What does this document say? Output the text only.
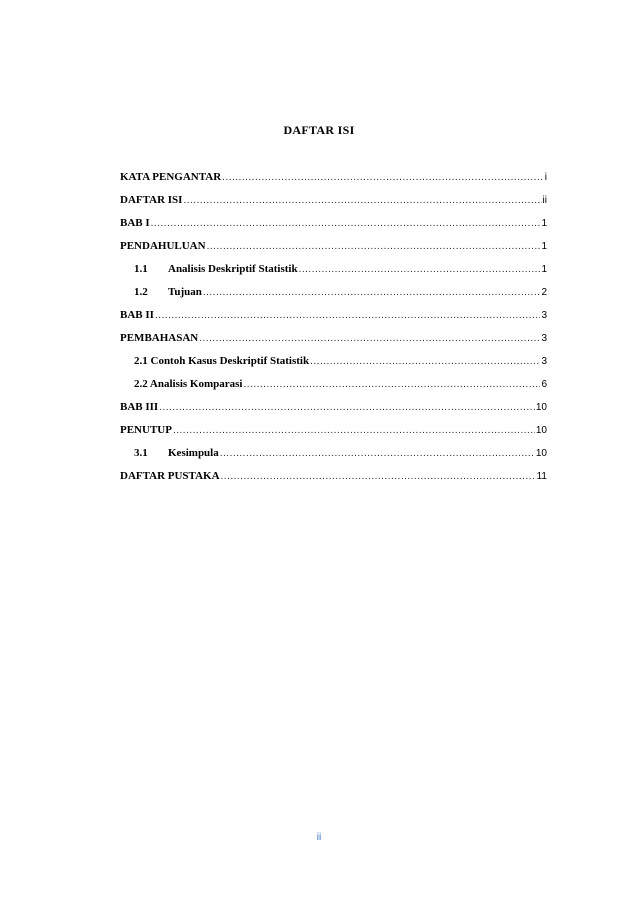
DAFTAR ISI
KATA PENGANTAR .....	i
DAFTAR ISI .....	ii
BAB I .....	1
PENDAHULUAN .....	1
1.1	Analisis Deskriptif Statistik .....	1
1.2	Tujuan .....	2
BAB II .....	3
PEMBAHASAN .....	3
2.1 Contoh Kasus Deskriptif Statistik .....	3
2.2 Analisis Komparasi .....	6
BAB III .....	10
PENUTUP .....	10
3.1	Kesimpula .....	10
DAFTAR PUSTAKA .....	11
ii
